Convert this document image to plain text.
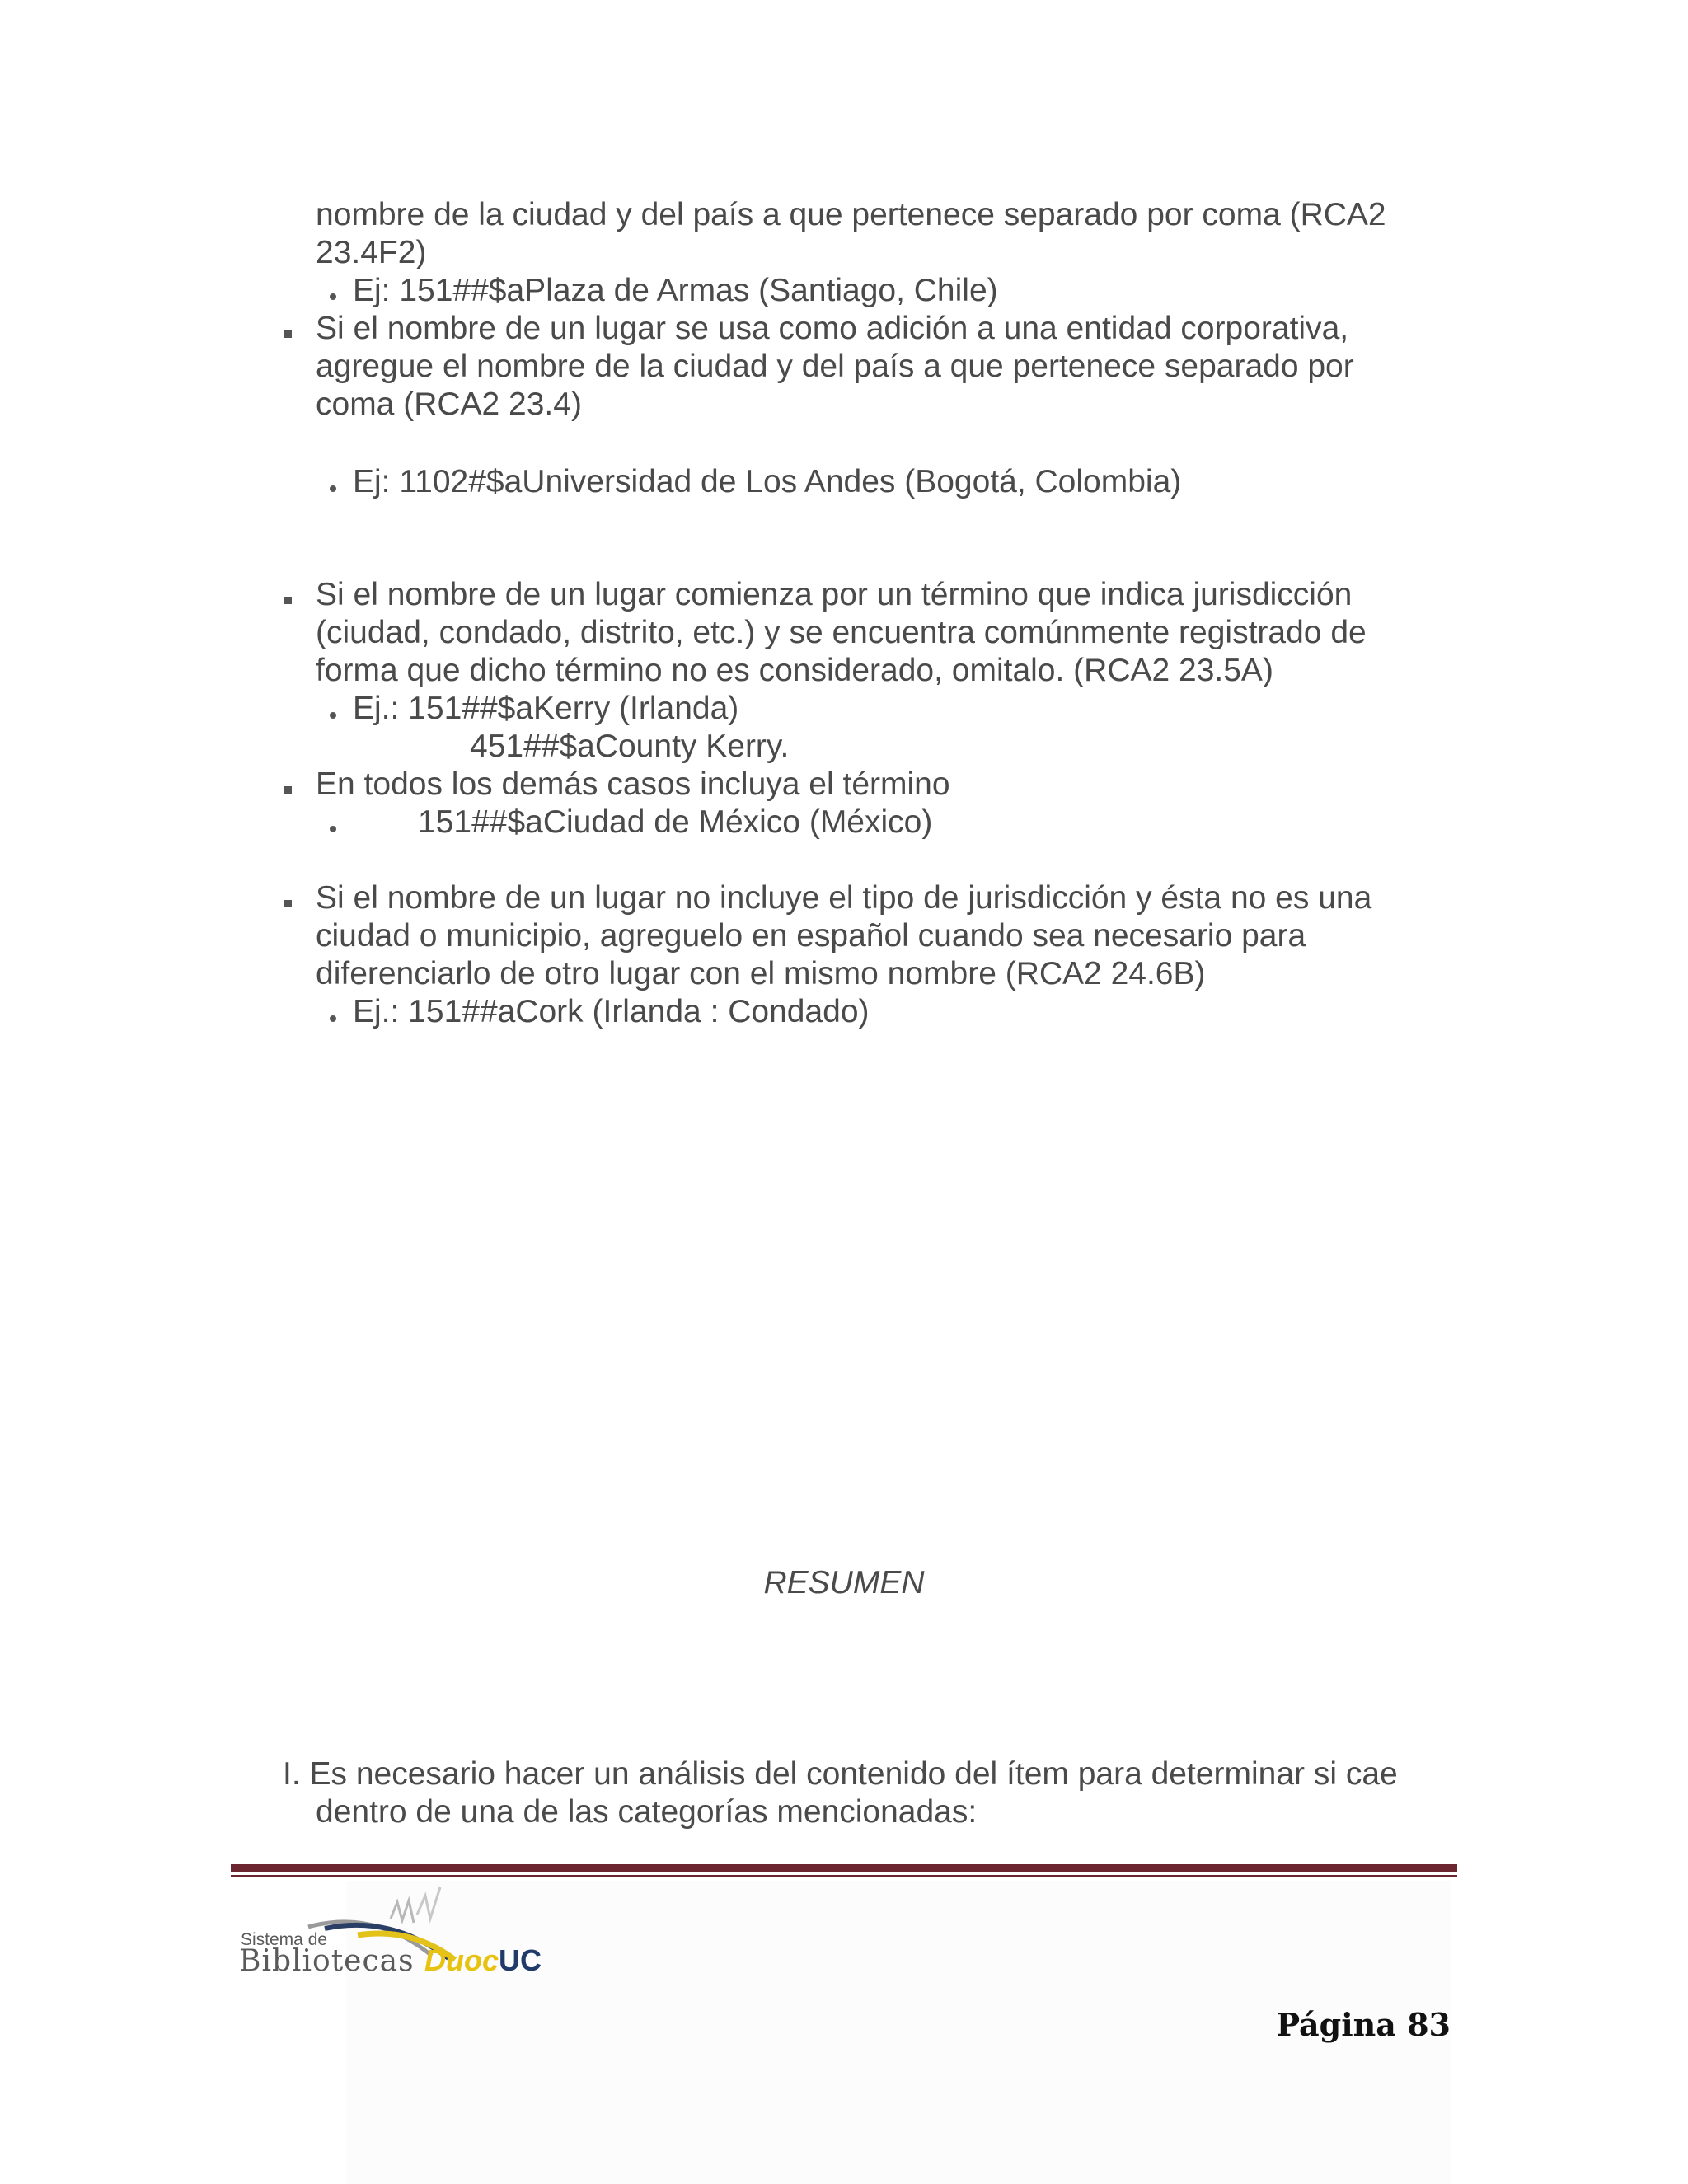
nombre de la ciudad y del país a que pertenece separado por coma (RCA2
23.4F2)
Ej: 151##$aPlaza de Armas (Santiago, Chile)
Si el nombre de un lugar se usa como adición a una entidad corporativa,
agregue el nombre de la ciudad y del país a que pertenece separado por
coma (RCA2 23.4)
Ej: 1102#$aUniversidad de Los Andes (Bogotá, Colombia)
Si el nombre de un lugar comienza por un término que indica jurisdicción
(ciudad, condado, distrito, etc.) y se encuentra comúnmente registrado de
forma que dicho término no es considerado, omitalo. (RCA2 23.5A)
Ej.: 151##$aKerry (Irlanda)
451##$aCounty Kerry.
En todos los demás casos incluya el término
151##$aCiudad de México (México)
Si el nombre de un lugar no incluye el tipo de jurisdicción y ésta no es una
ciudad o municipio, agreguelo en español cuando sea necesario para
diferenciarlo de otro lugar con el mismo nombre (RCA2 24.6B)
Ej.: 151##aCork (Irlanda : Condado)
RESUMEN
I. Es necesario hacer un análisis del contenido del ítem para determinar si cae
dentro de una de las categorías mencionadas:
Sistema de
Bibliotecas DuocUC
Página 83
